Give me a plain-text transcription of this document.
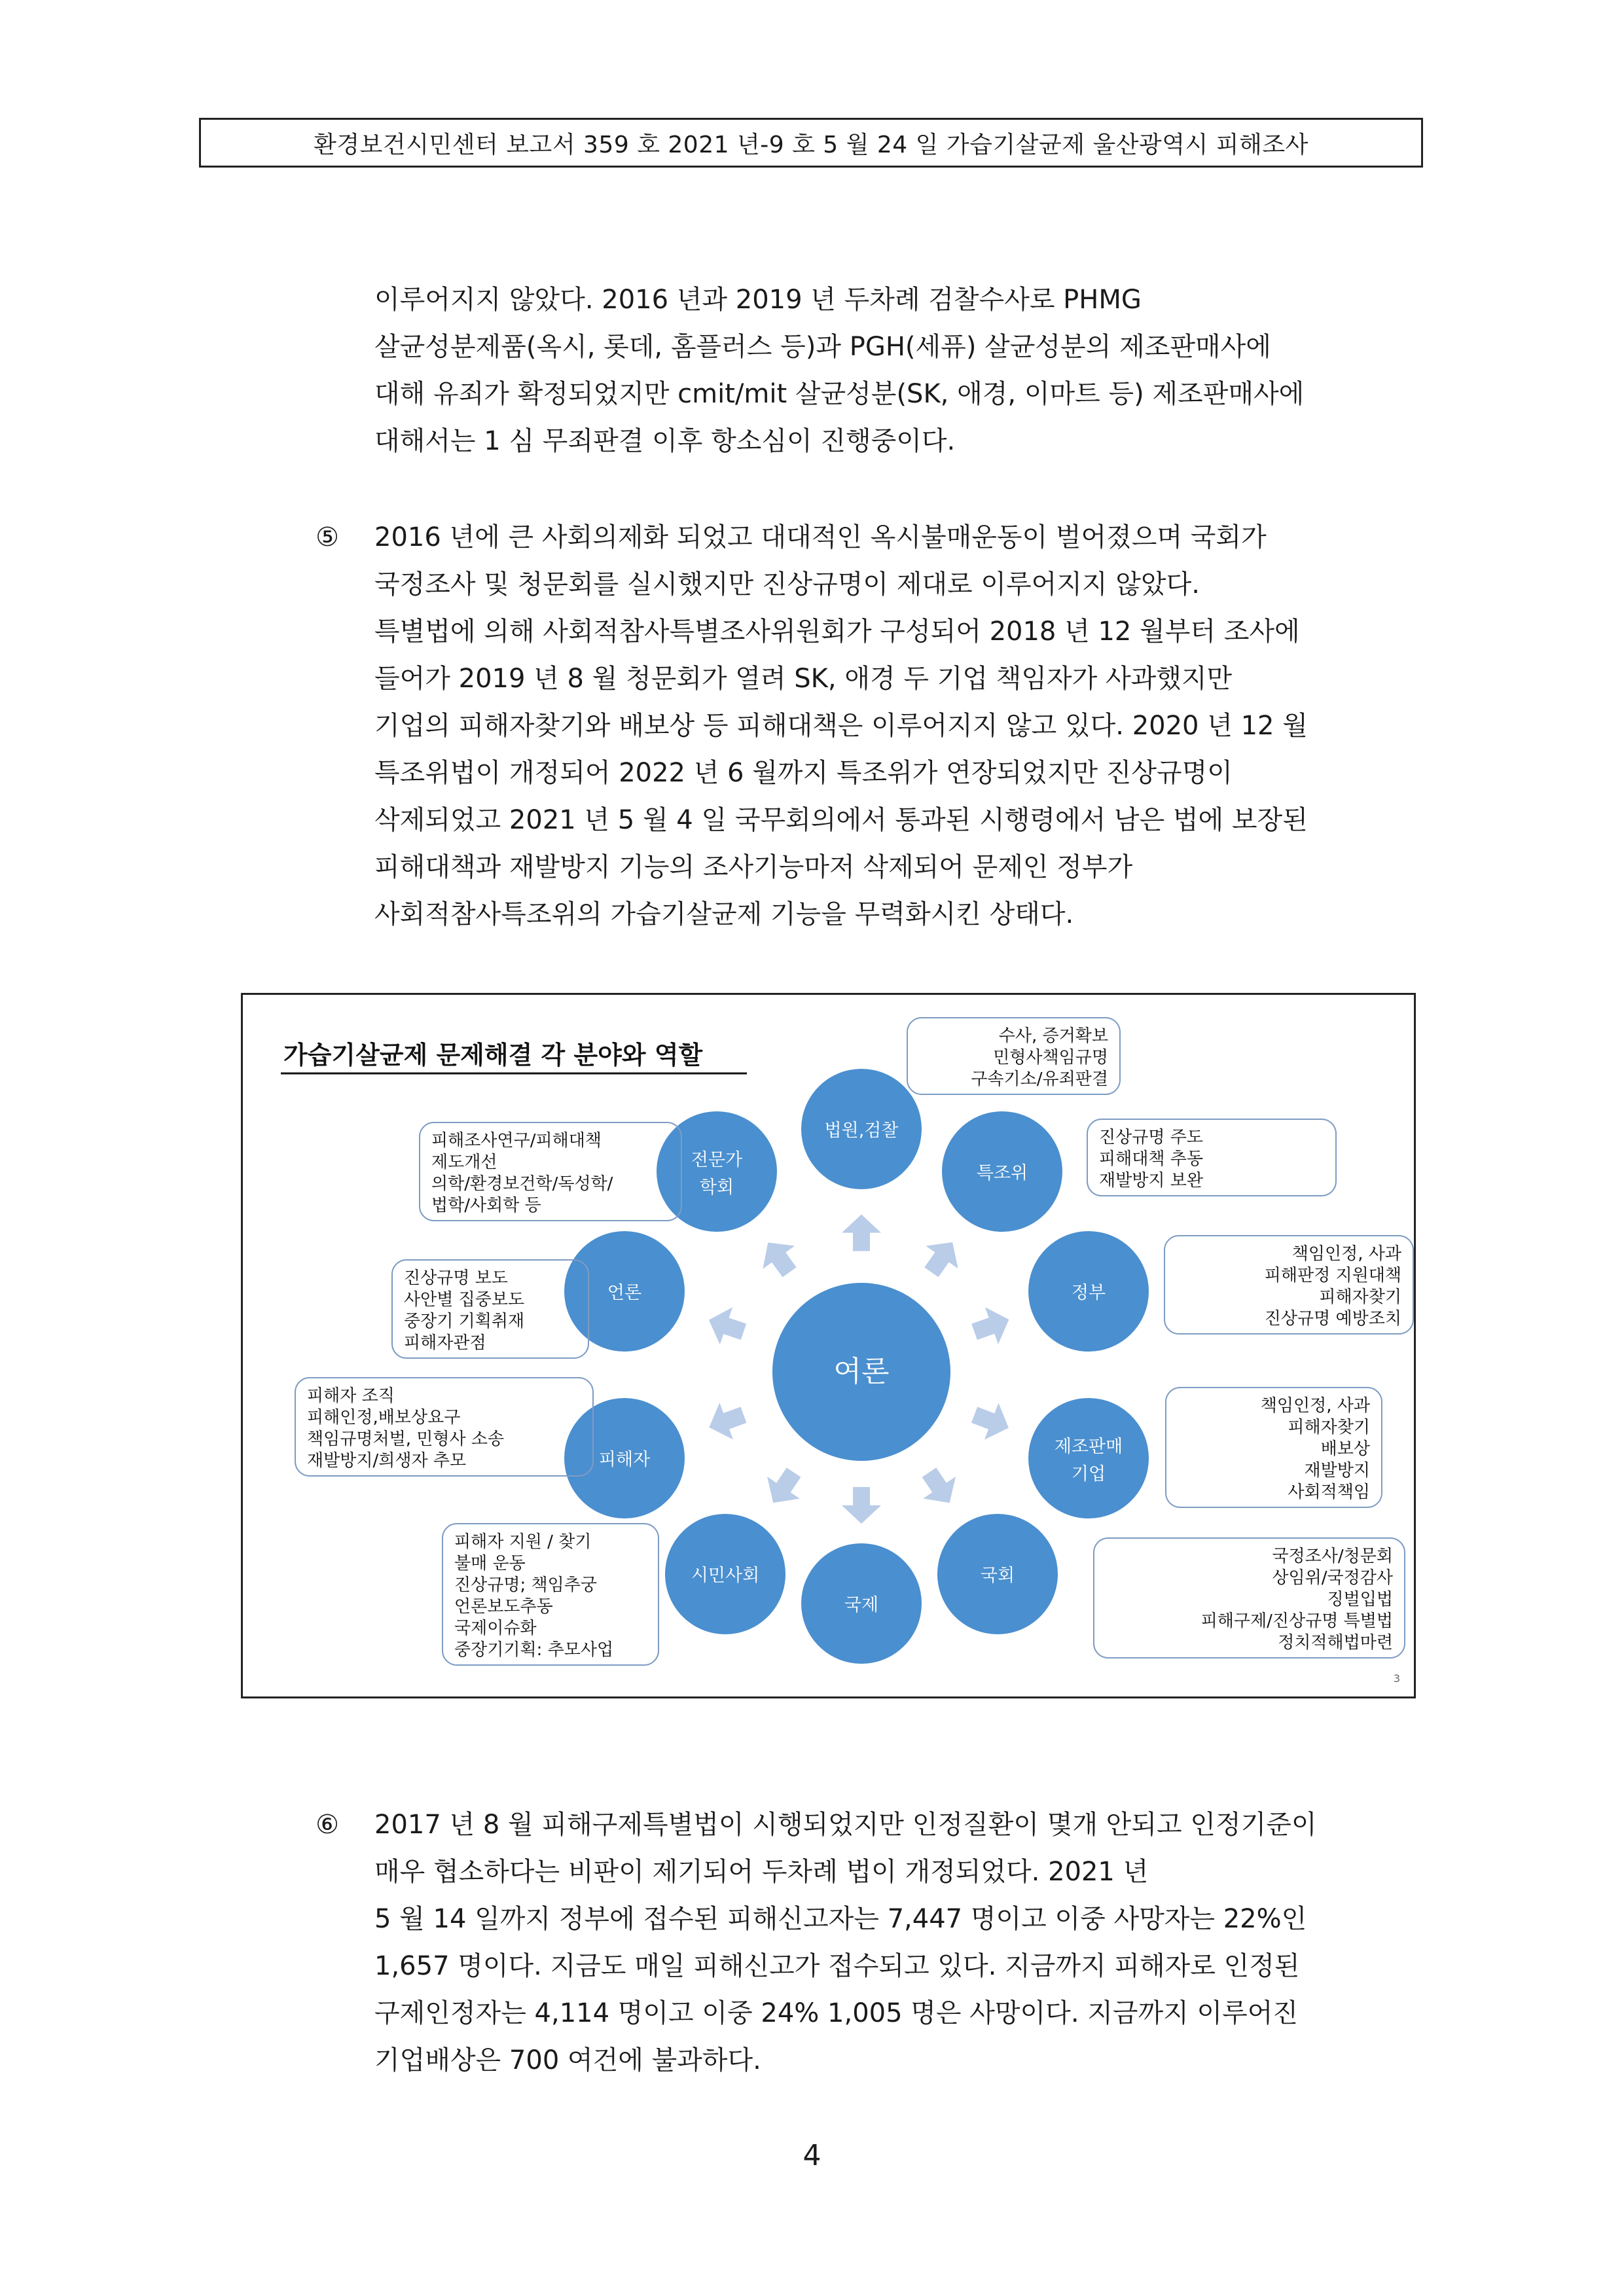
환경보건시민센터 보고서 359 호 2021 년-9 호 5 월 24 일 가습기살균제 울산광역시 피해조사
이루어지지 않았다. 2016 년과 2019 년 두차례 검찰수사로 PHMG
살균성분제품(옥시, 롯데, 홈플러스 등)과 PGH(세퓨) 살균성분의 제조판매사에
대해 유죄가 확정되었지만 cmit/mit 살균성분(SK, 애경, 이마트 등) 제조판매사에
대해서는 1 심 무죄판결 이후 항소심이 진행중이다.
⑤	2016 년에 큰 사회의제화 되었고 대대적인 옥시불매운동이 벌어졌으며 국회가
국정조사 및 청문회를 실시했지만 진상규명이 제대로 이루어지지 않았다.
특별법에 의해 사회적참사특별조사위원회가 구성되어 2018 년 12 월부터 조사에
들어가 2019 년 8 월 청문회가 열려 SK, 애경 두 기업 책임자가 사과했지만
기업의 피해자찾기와 배보상 등 피해대책은 이루어지지 않고 있다. 2020 년 12 월
특조위법이 개정되어 2022 년 6 월까지 특조위가 연장되었지만 진상규명이
삭제되었고 2021 년 5 월 4 일 국무회의에서 통과된 시행령에서 남은 법에 보장된
피해대책과 재발방지 기능의 조사기능마저 삭제되어 문제인 정부가
사회적참사특조위의 가습기살균제 기능을 무력화시킨 상태다.
가습기살균제 문제해결 각 분야와 역할
여론
법원,검찰
수사, 증거확보
민형사책임규명
구속기소/유죄판결
특조위
진상규명 주도
피해대책 추동
재발방지 보완
정부
책임인정, 사과
피해판정 지원대책
피해자찾기
진상규명 예방조치
제조판매
기업
책임인정, 사과
피해자찾기
배보상
재발방지
사회적책임
국회
국정조사/청문회
상임위/국정감사
징벌입법
피해구제/진상규명 특별법
정치적해법마련
국제
시민사회
피해자 지원 / 찾기
불매 운동
진상규명; 책임추궁
언론보도추동
국제이슈화
중장기기획: 추모사업
피해자
피해자 조직
피해인정,배보상요구
책임규명처벌, 민형사 소송
재발방지/희생자 추모
언론
진상규명 보도
사안별 집중보도
중장기 기획취재
피해자관점
전문가
학회
피해조사연구/피해대책
제도개선
의학/환경보건학/독성학/
법학/사회학 등
3
⑥	2017 년 8 월 피해구제특별법이 시행되었지만 인정질환이 몇개 안되고 인정기준이
매우 협소하다는 비판이 제기되어 두차례 법이 개정되었다. 2021 년
5 월 14 일까지 정부에 접수된 피해신고자는 7,447 명이고 이중 사망자는 22%인
1,657 명이다. 지금도 매일 피해신고가 접수되고 있다. 지금까지 피해자로 인정된
구제인정자는 4,114 명이고 이중 24% 1,005 명은 사망이다. 지금까지 이루어진
기업배상은 700 여건에 불과하다.
4
